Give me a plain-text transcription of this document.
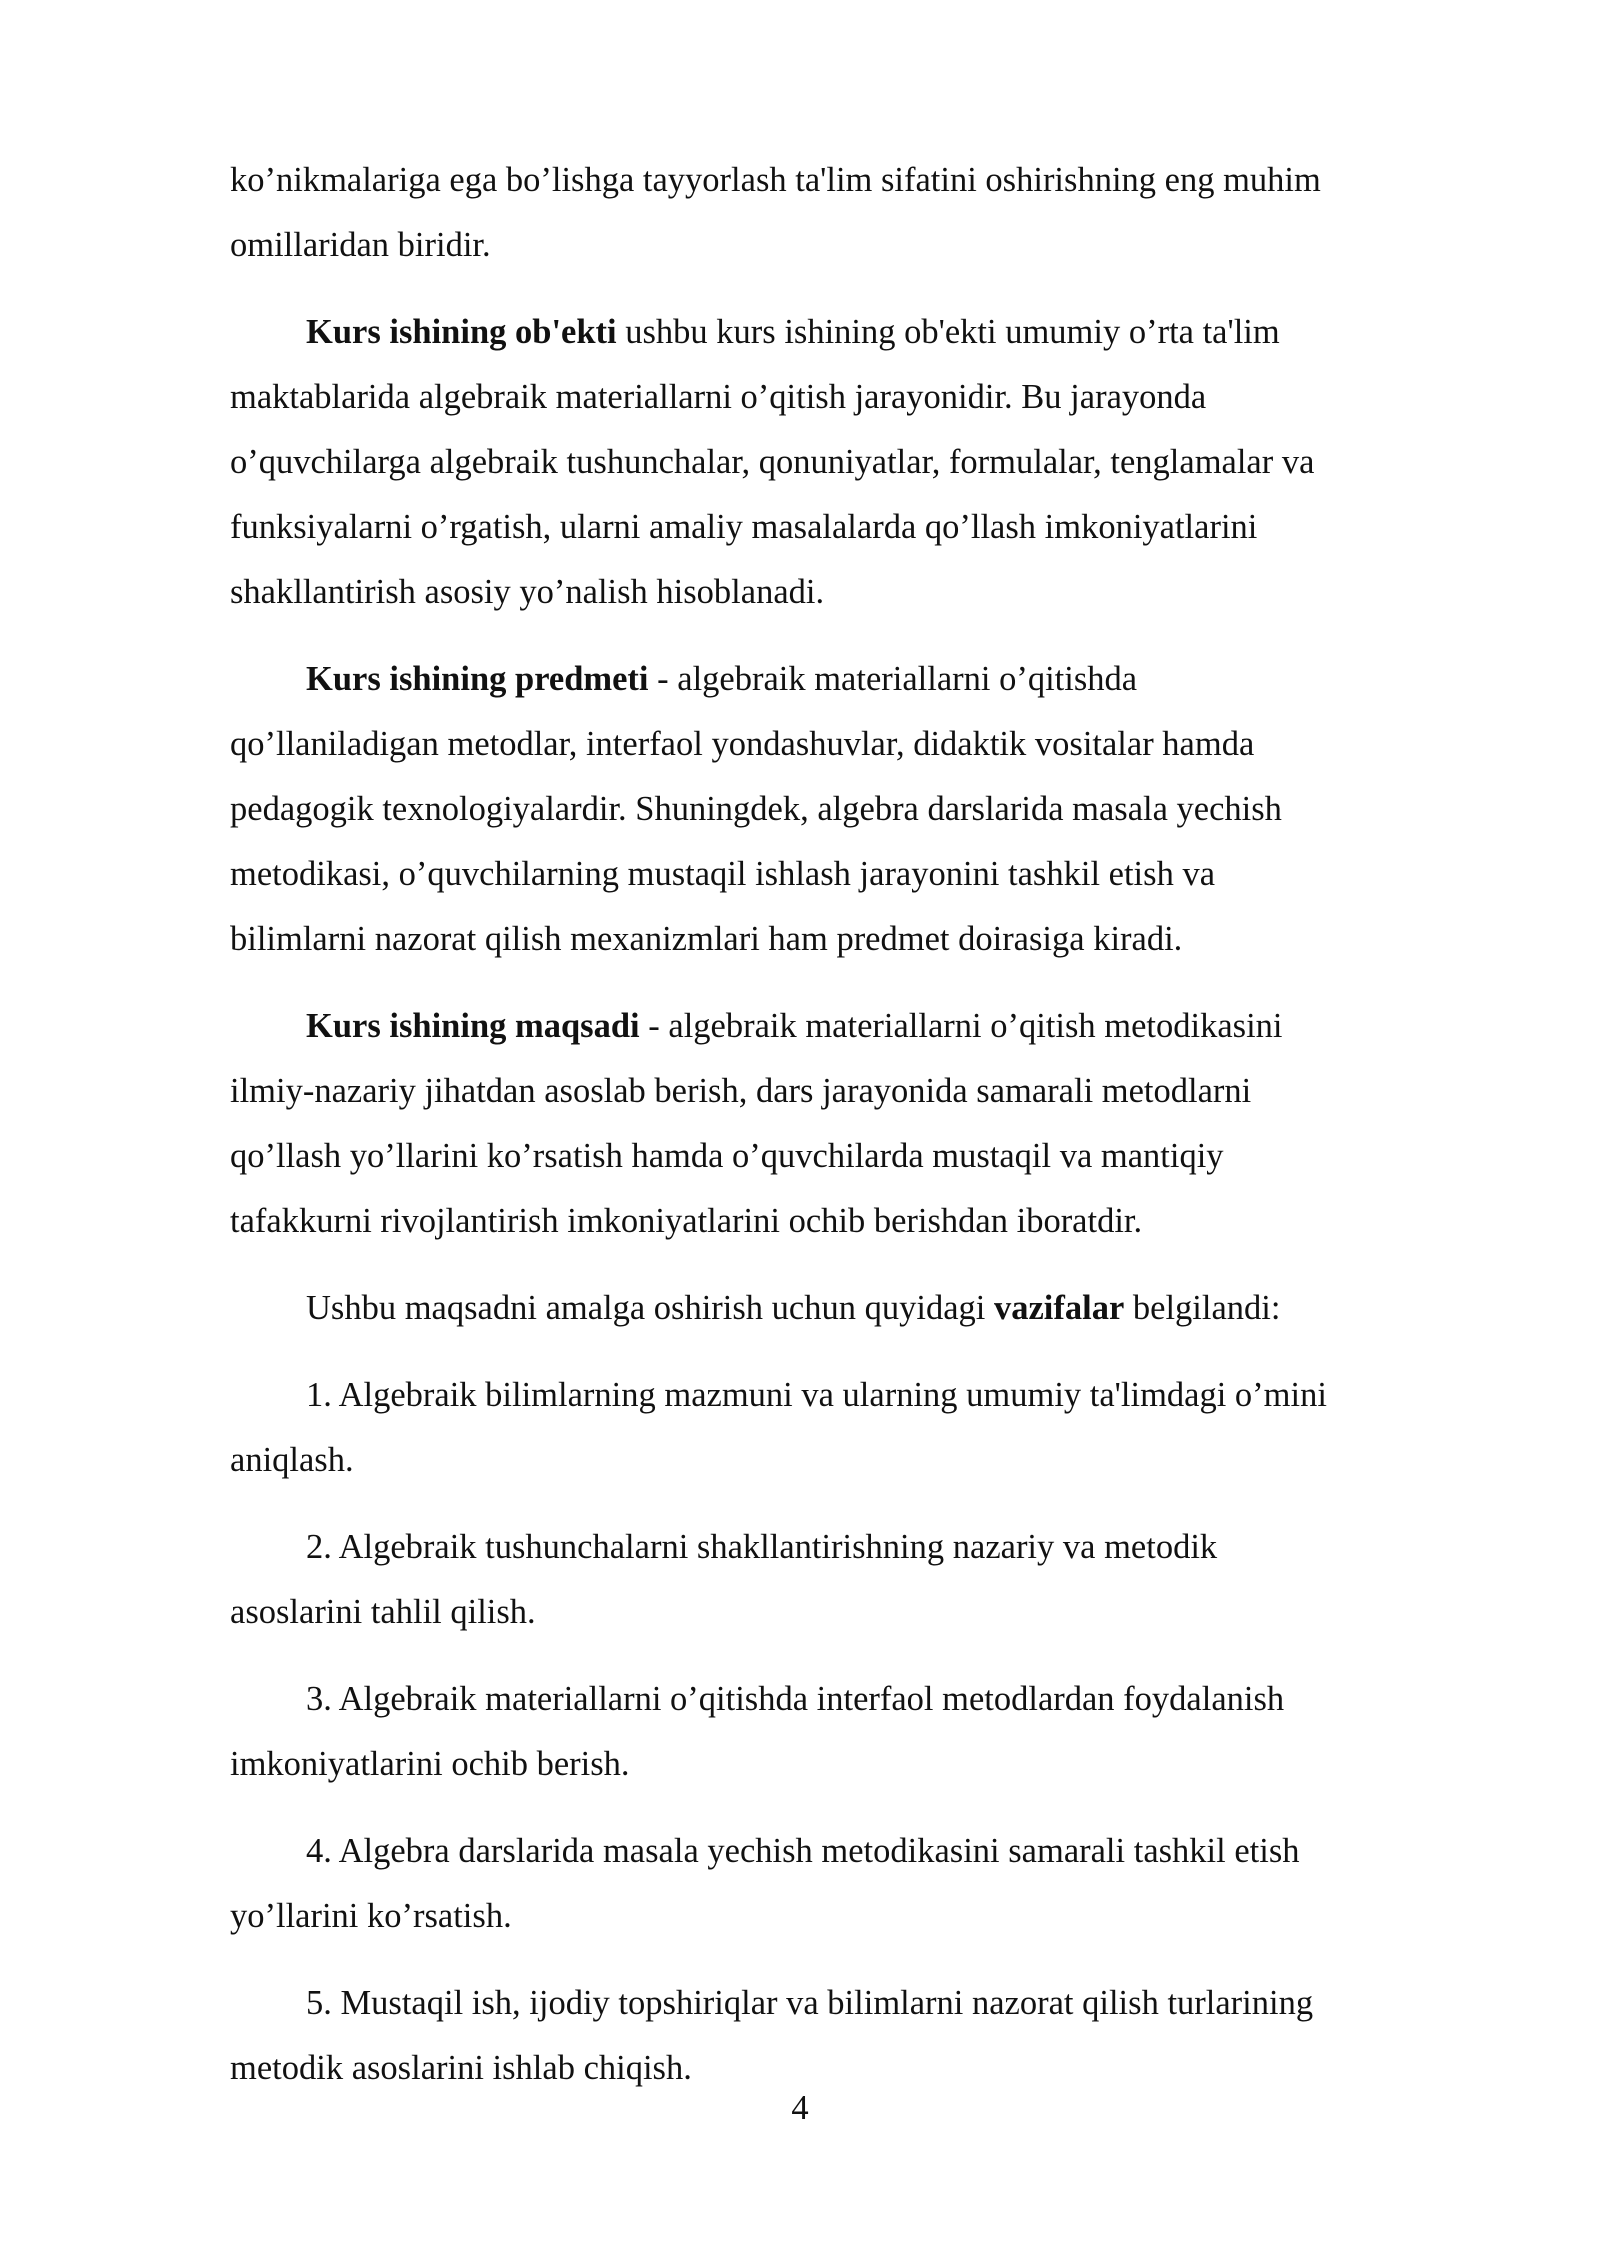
ko’nikmalariga ega bo’lishga tayyorlash ta'lim sifatini oshirishning eng muhim
omillaridan biridir.

Kurs ishining ob'ekti ushbu kurs ishining ob'ekti umumiy o’rta ta'lim
maktablarida algebraik materiallarni o’qitish jarayonidir. Bu jarayonda
o’quvchilarga algebraik tushunchalar, qonuniyatlar, formulalar, tenglamalar va
funksiyalarni o’rgatish, ularni amaliy masalalarda qo’llash imkoniyatlarini
shakllantirish asosiy yo’nalish hisoblanadi.

Kurs ishining predmeti - algebraik materiallarni o’qitishda
qo’llaniladigan metodlar, interfaol yondashuvlar, didaktik vositalar hamda
pedagogik texnologiyalardir. Shuningdek, algebra darslarida masala yechish
metodikasi, o’quvchilarning mustaqil ishlash jarayonini tashkil etish va
bilimlarni nazorat qilish mexanizmlari ham predmet doirasiga kiradi.

Kurs ishining maqsadi - algebraik materiallarni o’qitish metodikasini
ilmiy-nazariy jihatdan asoslab berish, dars jarayonida samarali metodlarni
qo’llash yo’llarini ko’rsatish hamda o’quvchilarda mustaqil va mantiqiy
tafakkurni rivojlantirish imkoniyatlarini ochib berishdan iboratdir.

Ushbu maqsadni amalga oshirish uchun quyidagi vazifalar belgilandi:

1. Algebraik bilimlarning mazmuni va ularning umumiy ta'limdagi o’mini
aniqlash.

2. Algebraik tushunchalarni shakllantirishning nazariy va metodik
asoslarini tahlil qilish.

3. Algebraik materiallarni o’qitishda interfaol metodlardan foydalanish
imkoniyatlarini ochib berish.

4. Algebra darslarida masala yechish metodikasini samarali tashkil etish
yo’llarini ko’rsatish.

5. Mustaqil ish, ijodiy topshiriqlar va bilimlarni nazorat qilish turlarining
metodik asoslarini ishlab chiqish.

4
